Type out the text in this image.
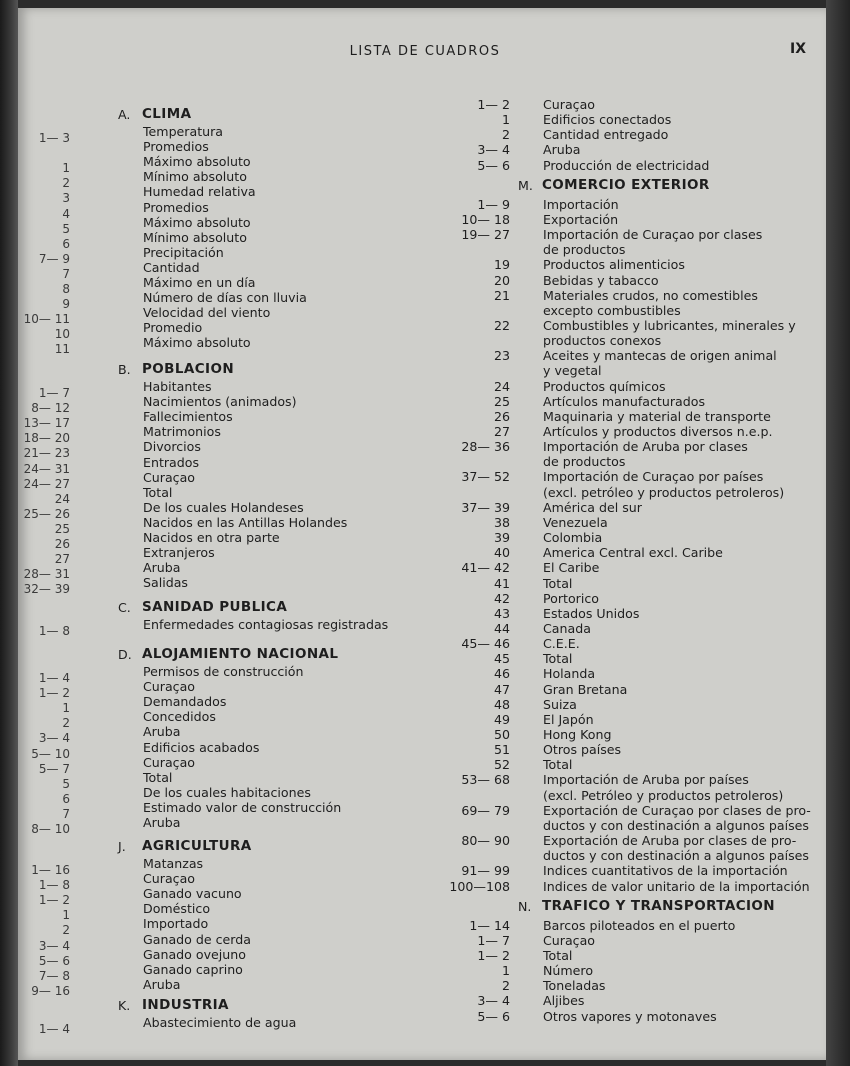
LISTA DE CUADROS	IX
A. CLIMA
1— 3	Temperatura
Promedios
1	Máximo absoluto
2	Mínimo absoluto
3	Humedad relativa
4	Promedios
5	Máximo absoluto
6	Mínimo absoluto
7— 9	Precipitación
7	Cantidad
8	Máximo en un día
9	Número de días con lluvia
10— 11	Velocidad del viento
10	Promedio
11	Máximo absoluto
B. POBLACION
1— 7	Habitantes
8— 12	Nacimientos (animados)
13— 17	Fallecimientos
18— 20	Matrimonios
21— 23	Divorcios
24— 31	Entrados
24— 27	Curaçao
24	Total
25— 26	De los cuales Holandeses
25	Nacidos en las Antillas Holandes
26	Nacidos en otra parte
27	Extranjeros
28— 31	Aruba
32— 39	Salidas
C. SANIDAD PUBLICA
1— 8	Enfermedades contagiosas registradas
D. ALOJAMIENTO NACIONAL
1— 4	Permisos de construcción
1— 2	Curaçao
1	Demandados
2	Concedidos
3— 4	Aruba
5— 10	Edificios acabados
5— 7	Curaçao
5	Total
6	De los cuales habitaciones
7	Estimado valor de construcción
8— 10	Aruba
J. AGRICULTURA
1— 16	Matanzas
1— 8	Curaçao
1— 2	Ganado vacuno
1	Doméstico
2	Importado
3— 4	Ganado de cerda
5— 6	Ganado ovejuno
7— 8	Ganado caprino
9— 16	Aruba
K. INDUSTRIA
1— 4	Abastecimiento de agua
1— 2	Curaçao
1	Edificios conectados
2	Cantidad entregado
3— 4	Aruba
5— 6	Producción de electricidad
M. COMERCIO EXTERIOR
1— 9	Importación
10— 18	Exportación
19— 27	Importación de Curaçao por clases
de productos
19	Productos alimenticios
20	Bebidas y tabacco
21	Materiales crudos, no comestibles
excepto combustibles
22	Combustibles y lubricantes, minerales y
productos conexos
23	Aceites y mantecas de origen animal
y vegetal
24	Productos químicos
25	Artículos manufacturados
26	Maquinaria y material de transporte
27	Artículos y productos diversos n.e.p.
28— 36	Importación de Aruba por clases
de productos
37— 52	Importación de Curaçao por países
(excl. petróleo y productos petroleros)
37— 39	América del sur
38	Venezuela
39	Colombia
40	America Central excl. Caribe
41— 42	El Caribe
41	Total
42	Portorico
43	Estados Unidos
44	Canada
45— 46	C.E.E.
45	Total
46	Holanda
47	Gran Bretana
48	Suiza
49	El Japón
50	Hong Kong
51	Otros países
52	Total
53— 68	Importación de Aruba por países
(excl. Petróleo y productos petroleros)
69— 79	Exportación de Curaçao por clases de pro-
ductos y con destinación a algunos países
80— 90	Exportación de Aruba por clases de pro-
ductos y con destinación a algunos países
91— 99	Indices cuantitativos de la importación
100—108	Indices de valor unitario de la importación
N. TRAFICO Y TRANSPORTACION
1— 14	Barcos piloteados en el puerto
1— 7	Curaçao
1— 2	Total
1	Número
2	Toneladas
3— 4	Aljibes
5— 6	Otros vapores y motonaves
